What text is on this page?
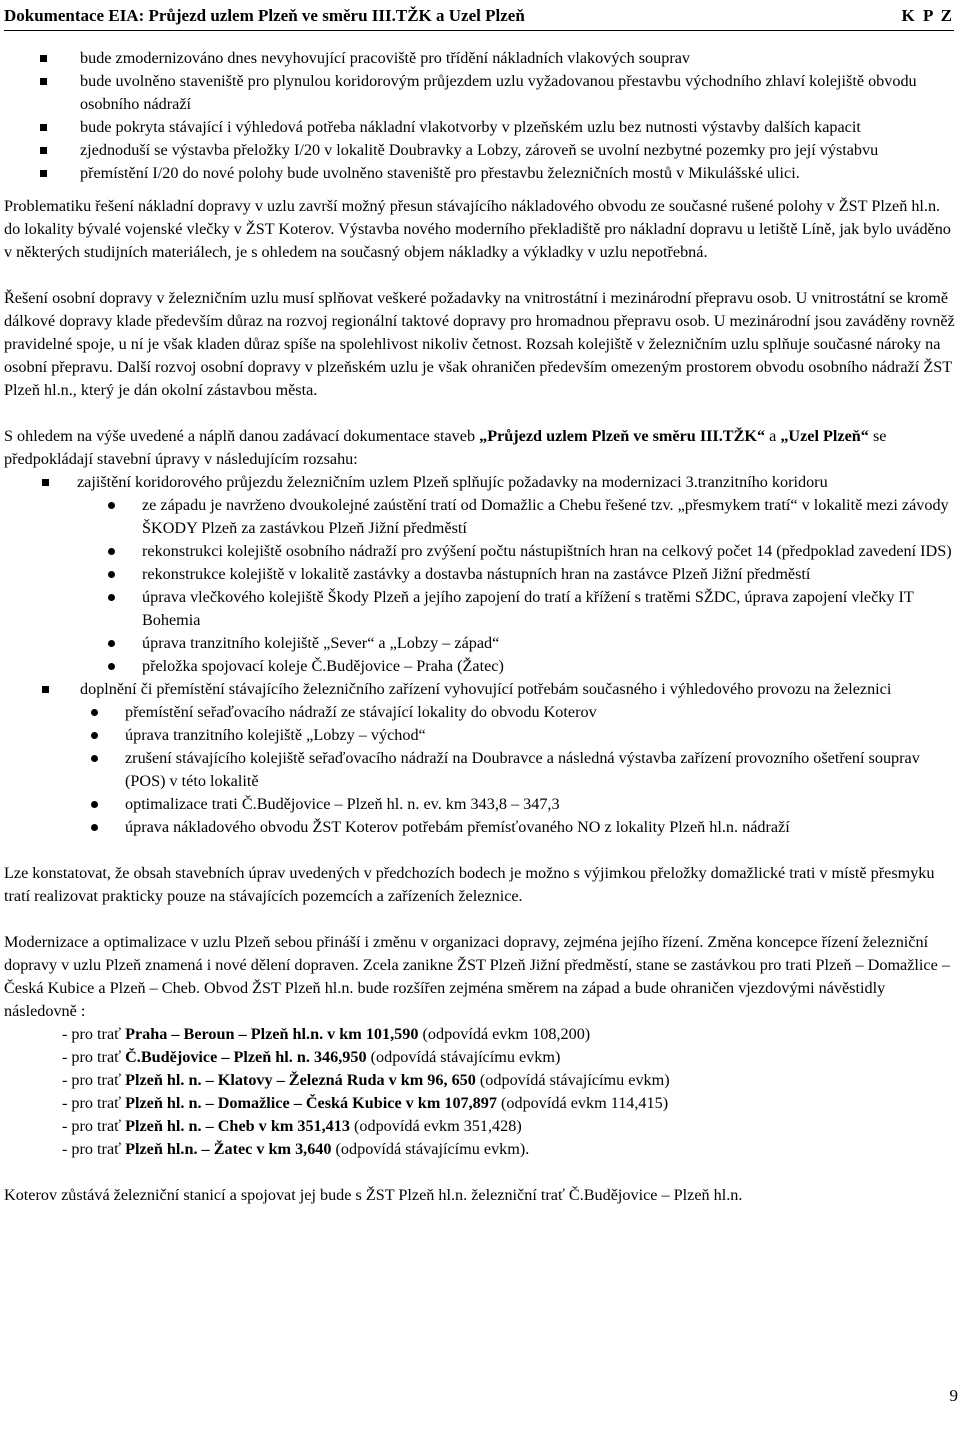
Dokumentace EIA: Průjezd uzlem Plzeň ve směru III.TŽK a Uzel Plzeň	K P Z
bude zmodernizováno dnes nevyhovující pracoviště pro třídění nákladních vlakových souprav
bude uvolněno staveniště pro plynulou koridorovým průjezdem uzlu vyžadovanou přestavbu východního zhlaví kolejiště obvodu osobního nádraží
bude pokryta stávající i výhledová potřeba nákladní vlakotvorby v plzeňském uzlu bez nutnosti výstavby dalších kapacit
zjednoduší se výstavba přeložky I/20 v lokalitě Doubravky a Lobzy, zároveň se uvolní nezbytné pozemky pro její výstabvu
přemístění I/20 do nové polohy bude uvolněno staveniště pro přestavbu železničních mostů v Mikulášské ulici.

Problematiku řešení nákladní dopravy v uzlu završí možný přesun stávajícího nákladového obvodu ze současné rušené polohy v ŽST Plzeň hl.n. do lokality bývalé vojenské vlečky v ŽST Koterov. Výstavba nového moderního překladiště pro nákladní dopravu u letiště Líně, jak bylo uváděno v některých studijních materiálech, je s ohledem na současný objem nákladky a výkladky v uzlu nepotřebná.

Řešení osobní dopravy v železničním uzlu musí splňovat veškeré požadavky na vnitrostátní i mezinárodní přepravu osob. U vnitrostátní se kromě dálkové dopravy klade především důraz na rozvoj regionální taktové dopravy pro hromadnou přepravu osob. U mezinárodní jsou zaváděny rovněž pravidelné spoje, u ní je však kladen důraz spíše na spolehlivost nikoliv četnost. Rozsah kolejiště v železničním uzlu splňuje současné nároky na osobní přepravu. Další rozvoj osobní dopravy v plzeňském uzlu je však ohraničen především omezeným prostorem obvodu osobního nádraží ŽST Plzeň hl.n., který je dán okolní zástavbou města.

S ohledem na výše uvedené a náplň danou zadávací dokumentace staveb „Průjezd uzlem Plzeň ve směru III.TŽK“ a „Uzel Plzeň“ se předpokládají stavební úpravy v následujícím rozsahu:

zajištění koridorového průjezdu železničním uzlem Plzeň splňujíc požadavky na modernizaci 3.tranzitního koridoru
ze západu je navrženo dvoukolejné zaústění tratí od Domažlic a Chebu řešené tzv. „přesmykem tratí“ v lokalitě mezi závody ŠKODY Plzeň za zastávkou Plzeň Jižní předměstí
rekonstrukci kolejiště osobního nádraží pro zvýšení počtu nástupištních hran na celkový počet 14 (předpoklad zavedení IDS)
rekonstrukce kolejiště v lokalitě zastávky a dostavba nástupních hran na zastávce Plzeň Jižní předměstí
úprava vlečkového kolejiště Škody Plzeň a jejího zapojení do tratí a křížení s tratěmi SŽDC, úprava zapojení vlečky IT Bohemia
úprava tranzitního kolejiště „Sever“ a „Lobzy – západ“
přeložka spojovací koleje Č.Budějovice – Praha (Žatec)
doplnění či přemístění stávajícího železničního zařízení vyhovující potřebám současného i výhledového provozu na železnici
přemístění seřaďovacího nádraží ze stávající lokality do obvodu Koterov
úprava tranzitního kolejiště „Lobzy – východ“
zrušení stávajícího kolejiště seřaďovacího nádraží na Doubravce a následná výstavba zařízení provozního ošetření souprav (POS) v této lokalitě
optimalizace trati Č.Budějovice – Plzeň hl. n. ev. km 343,8 – 347,3
úprava nákladového obvodu ŽST Koterov potřebám přemísťovaného NO z lokality Plzeň hl.n. nádraží

Lze konstatovat, že obsah stavebních úprav uvedených v předchozích bodech je možno s výjimkou přeložky domažlické trati v místě přesmyku tratí realizovat prakticky pouze na stávajících pozemcích a zařízeních železnice.

Modernizace a optimalizace v uzlu Plzeň sebou přináší i změnu v organizaci dopravy, zejména jejího řízení. Změna koncepce řízení železniční dopravy v uzlu Plzeň znamená i nové dělení dopraven. Zcela zanikne ŽST Plzeň Jižní předměstí, stane se zastávkou pro trati Plzeň – Domažlice – Česká Kubice a Plzeň – Cheb. Obvod ŽST Plzeň hl.n. bude rozšířen zejména směrem na západ a bude ohraničen vjezdovými návěstidly následovně :

- pro trať Praha – Beroun – Plzeň hl.n. v km 101,590 (odpovídá evkm 108,200)
- pro trať Č.Budějovice – Plzeň hl. n. 346,950 (odpovídá stávajícímu evkm)
- pro trať Plzeň hl. n. – Klatovy – Železná Ruda v km 96, 650 (odpovídá stávajícímu evkm)
- pro trať Plzeň hl. n. – Domažlice – Česká Kubice v km 107,897 (odpovídá evkm 114,415)
- pro trať Plzeň hl. n. – Cheb v km 351,413 (odpovídá evkm 351,428)
- pro trať Plzeň hl.n. – Žatec v km 3,640 (odpovídá stávajícímu evkm).

Koterov zůstává železniční stanicí a spojovat jej bude s ŽST Plzeň hl.n. železniční trať Č.Budějovice – Plzeň hl.n.

9
